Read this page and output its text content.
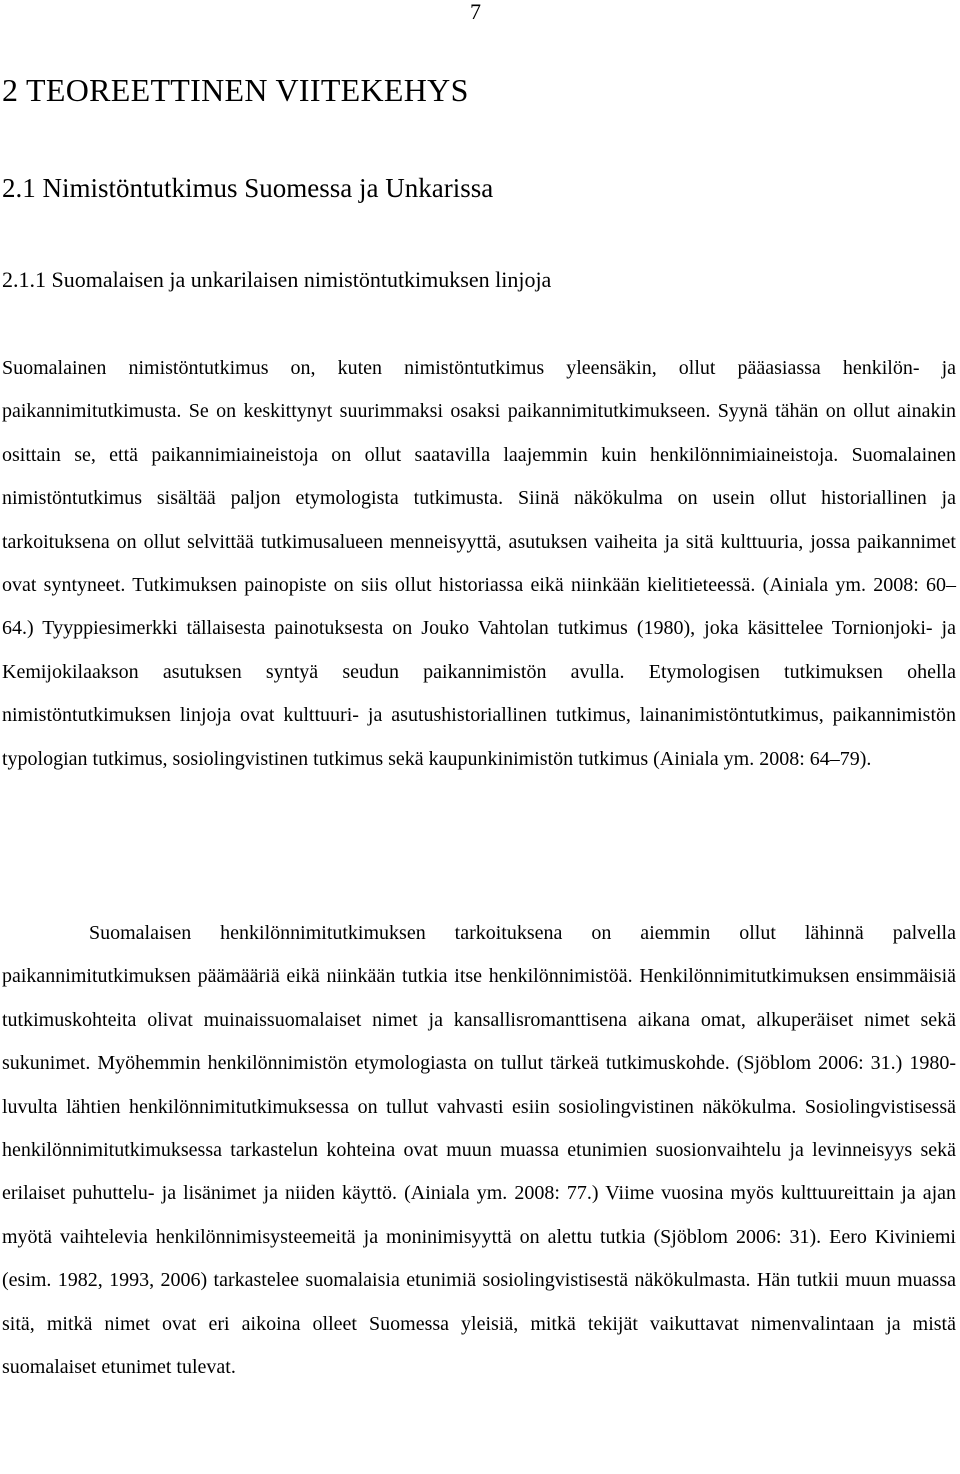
7
2 TEOREETTINEN VIITEKEHYS
2.1 Nimistöntutkimus Suomessa ja Unkarissa
2.1.1 Suomalaisen ja unkarilaisen nimistöntutkimuksen linjoja

Suomalainen nimistöntutkimus on, kuten nimistöntutkimus yleensäkin, ollut pääasiassa henkilön- ja paikannimitutkimusta. Se on keskittynyt suurimmaksi osaksi paikannimitutkimukseen. Syynä tähän on ollut ainakin osittain se, että paikannimiaineistoja on ollut saatavilla laajemmin kuin henkilönnimiaineistoja. Suomalainen nimistöntutkimus sisältää paljon etymologista tutkimusta. Siinä näkökulma on usein ollut historiallinen ja tarkoituksena on ollut selvittää tutkimusalueen menneisyyttä, asutuksen vaiheita ja sitä kulttuuria, jossa paikannimet ovat syntyneet. Tutkimuksen painopiste on siis ollut historiassa eikä niinkään kielitieteessä. (Ainiala ym. 2008: 60–64.) Tyyppiesimerkki tällaisesta painotuksesta on Jouko Vahtolan tutkimus (1980), joka käsittelee Tornionjoki- ja Kemijokilaakson asutuksen syntyä seudun paikannimistön avulla. Etymologisen tutkimuksen ohella nimistöntutkimuksen linjoja ovat kulttuuri- ja asutushistoriallinen tutkimus, lainanimistöntutkimus, paikannimistön typologian tutkimus, sosiolingvistinen tutkimus sekä kaupunkinimistön tutkimus (Ainiala ym. 2008: 64–79).

Suomalaisen henkilönnimitutkimuksen tarkoituksena on aiemmin ollut lähinnä palvella paikannimitutkimuksen päämääriä eikä niinkään tutkia itse henkilönnimistöä. Henkilönnimitutkimuksen ensimmäisiä tutkimuskohteita olivat muinaissuomalaiset nimet ja kansallisromanttisena aikana omat, alkuperäiset nimet sekä sukunimet. Myöhemmin henkilönnimistön etymologiasta on tullut tärkeä tutkimuskohde. (Sjöblom 2006: 31.) 1980-luvulta lähtien henkilönnimitutkimuksessa on tullut vahvasti esiin sosiolingvistinen näkökulma. Sosiolingvistisessä henkilönnimitutkimuksessa tarkastelun kohteina ovat muun muassa etunimien suosionvaihtelu ja levinneisyys sekä erilaiset puhuttelu- ja lisänimet ja niiden käyttö. (Ainiala ym. 2008: 77.) Viime vuosina myös kulttuureittain ja ajan myötä vaihtelevia henkilönnimisysteemeitä ja moninimisyyttä on alettu tutkia (Sjöblom 2006: 31). Eero Kiviniemi (esim. 1982, 1993, 2006) tarkastelee suomalaisia etunimiä sosiolingvistisestä näkökulmasta. Hän tutkii muun muassa sitä, mitkä nimet ovat eri aikoina olleet Suomessa yleisiä, mitkä tekijät vaikuttavat nimenvalintaan ja mistä suomalaiset etunimet tulevat.
